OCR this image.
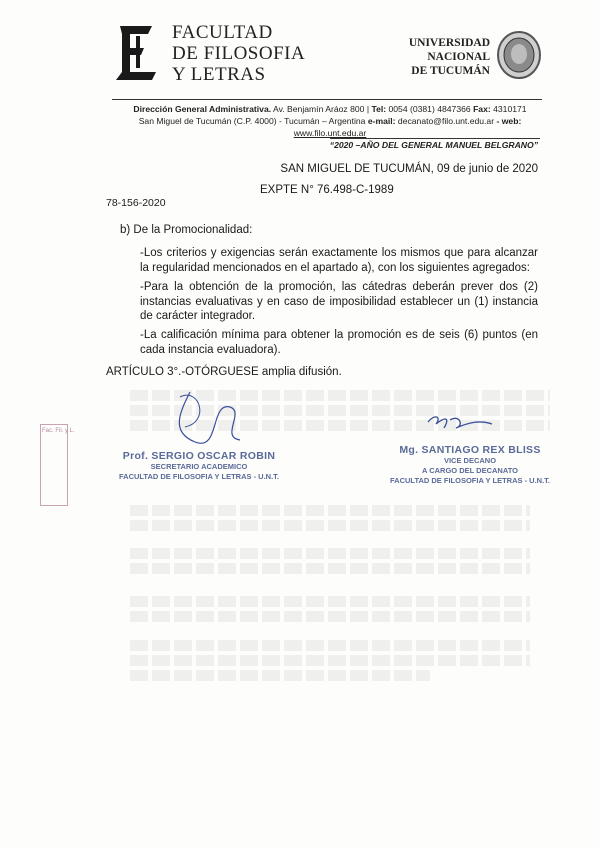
FACULTAD
DE FILOSOFIA
Y LETRAS
UNIVERSIDAD
NACIONAL
DE TUCUMÁN
Dirección General Administrativa. Av. Benjamín Aráoz 800 | Tel: 0054 (0381) 4847366 Fax: 4310171
San Miguel de Tucumán (C.P. 4000) - Tucumán – Argentina e-mail: decanato@filo.unt.edu.ar - web:
www.filo.unt.edu.ar
“2020 –AÑO DEL GENERAL MANUEL BELGRANO”
SAN MIGUEL DE TUCUMÁN, 09 de junio de 2020
EXPTE N° 76.498-C-1989
78-156-2020
b) De la Promocionalidad:
-Los criterios y exigencias serán exactamente los mismos que para alcanzar la regularidad mencionados en el apartado a), con los siguientes agregados:
-Para la obtención de la promoción, las cátedras deberán prever dos (2) instancias evaluativas y en caso de imposibilidad establecer un (1) instancia de carácter integrador.
-La calificación mínima para obtener la promoción es de seis (6) puntos (en cada instancia evaluadora).
ARTÍCULO 3°.-OTÓRGUESE amplia difusión.
Fac. Fil. y L.
Prof. SERGIO OSCAR ROBIN
SECRETARIO ACADEMICO
FACULTAD DE FILOSOFIA Y LETRAS - U.N.T.
Mg. SANTIAGO REX BLISS
VICE DECANO
A CARGO DEL DECANATO
FACULTAD DE FILOSOFIA Y LETRAS - U.N.T.
